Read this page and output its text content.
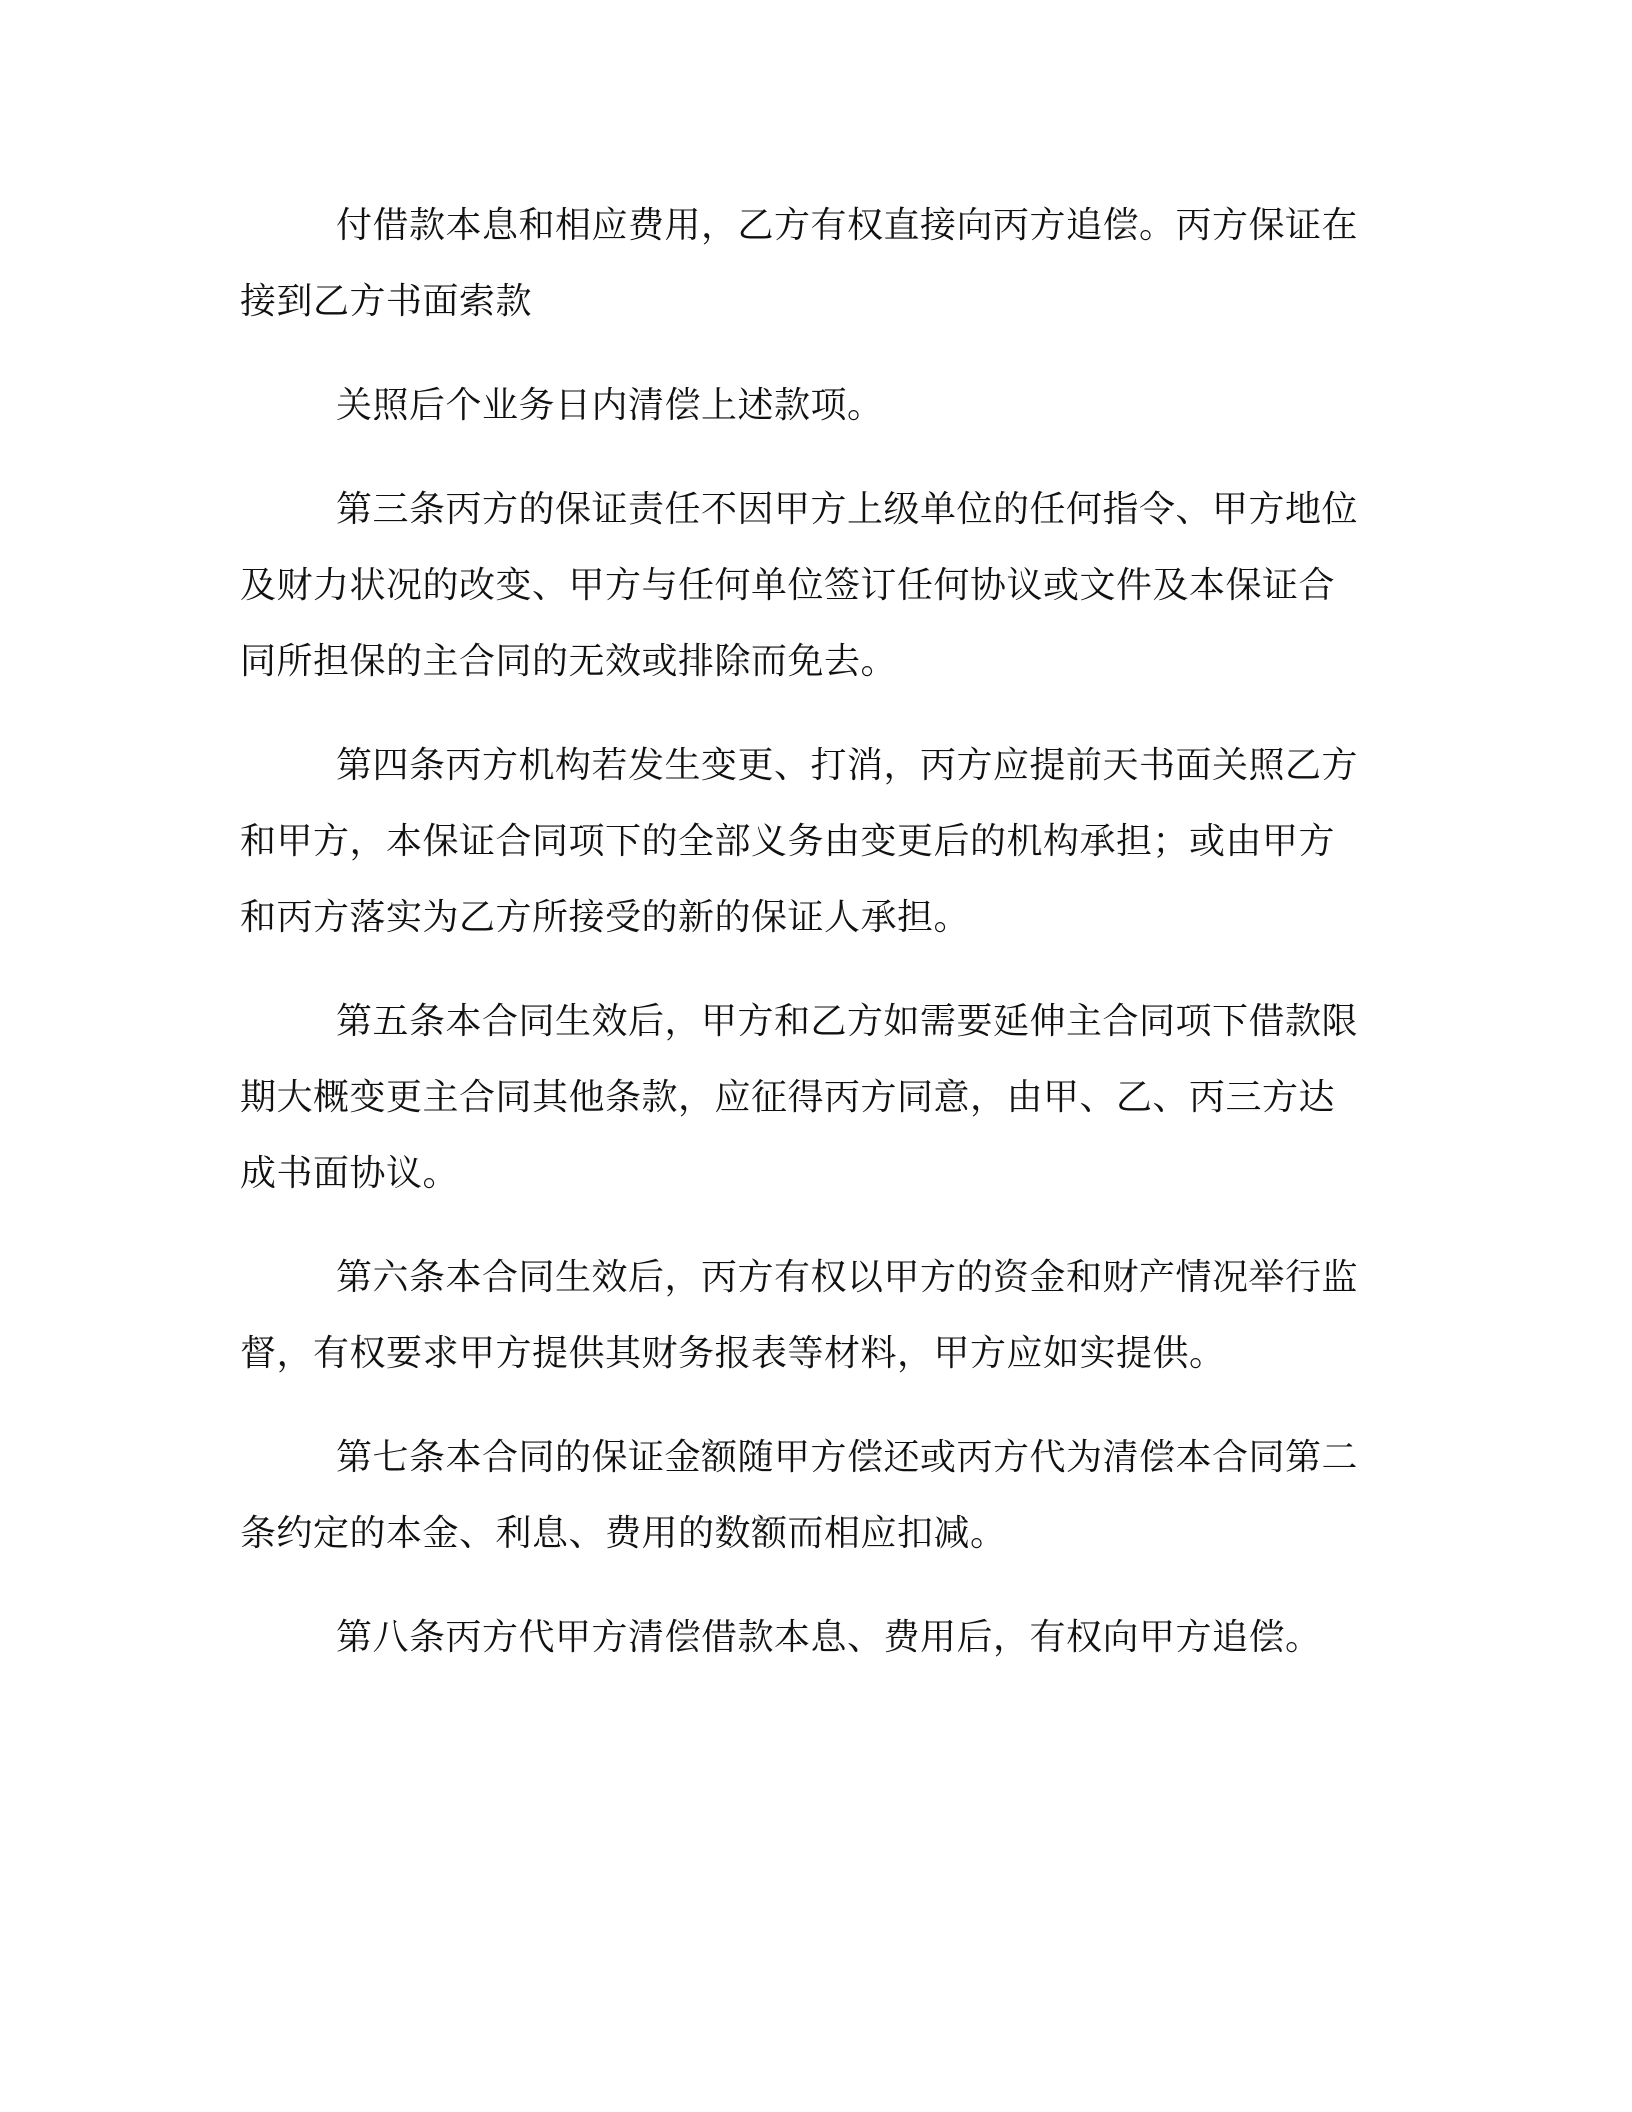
付借款本息和相应费用，乙方有权直接向丙方追偿。丙方保证在
接到乙方书面索款

关照后个业务日内清偿上述款项。

第三条丙方的保证责任不因甲方上级单位的任何指令、甲方地位
及财力状况的改变、甲方与任何单位签订任何协议或文件及本保证合
同所担保的主合同的无效或排除而免去。

第四条丙方机构若发生变更、打消，丙方应提前天书面关照乙方
和甲方，本保证合同项下的全部义务由变更后的机构承担；或由甲方
和丙方落实为乙方所接受的新的保证人承担。

第五条本合同生效后，甲方和乙方如需要延伸主合同项下借款限
期大概变更主合同其他条款，应征得丙方同意，由甲、乙、丙三方达
成书面协议。

第六条本合同生效后，丙方有权以甲方的资金和财产情况举行监
督，有权要求甲方提供其财务报表等材料，甲方应如实提供。

第七条本合同的保证金额随甲方偿还或丙方代为清偿本合同第二
条约定的本金、利息、费用的数额而相应扣减。

第八条丙方代甲方清偿借款本息、费用后，有权向甲方追偿。
